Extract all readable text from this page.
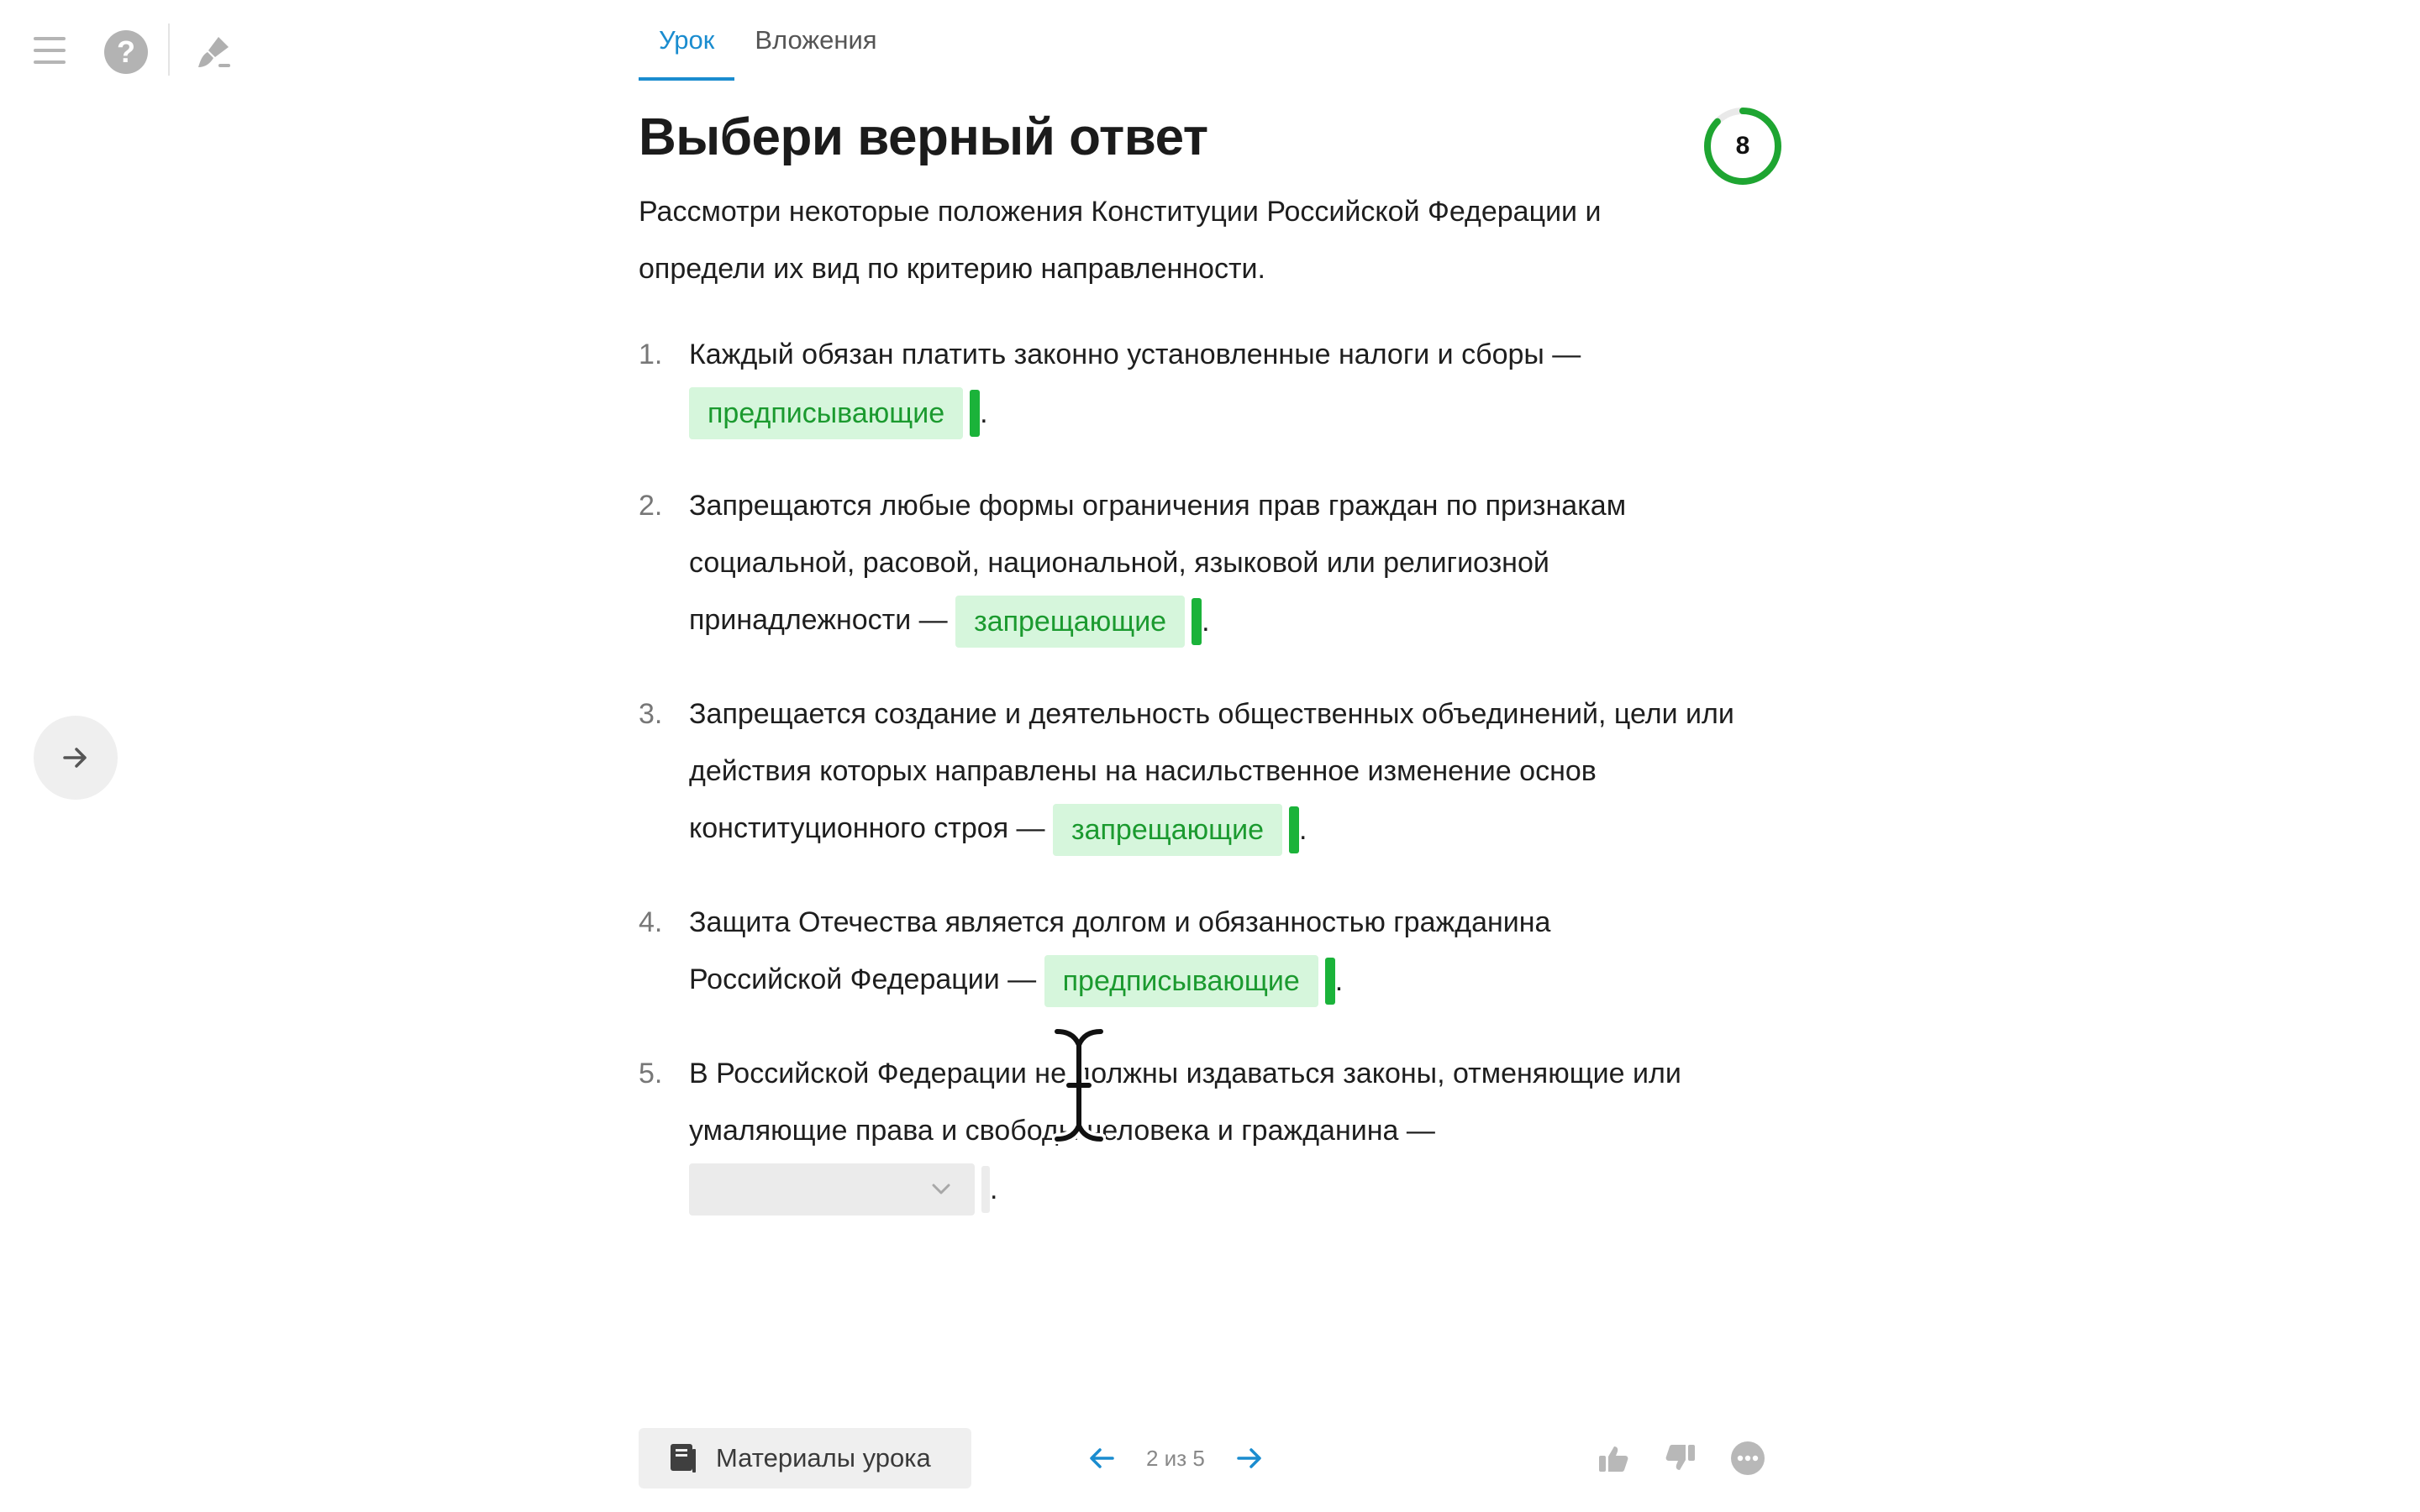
?	Урок	Вложения
Выбери верный ответ	8
Рассмотри некоторые положения Конституции Российской Федерации и определи их вид по критерию направленности.
1. Каждый обязан платить законно установленные налоги и сборы —
предписывающие .
2. Запрещаются любые формы ограничения прав граждан по признакам социальной, расовой, национальной, языковой или религиозной принадлежности — запрещающие .
3. Запрещается создание и деятельность общественных объединений, цели или действия которых направлены на насильственное изменение основ конституционного строя — запрещающие .
4. Защита Отечества является долгом и обязанностью гражданина Российской Федерации — предписывающие .
5. В Российской Федерации не должны издаваться законы, отменяющие или умаляющие права и свободы человека и гражданина —

.
Материалы урока	2 из 5
